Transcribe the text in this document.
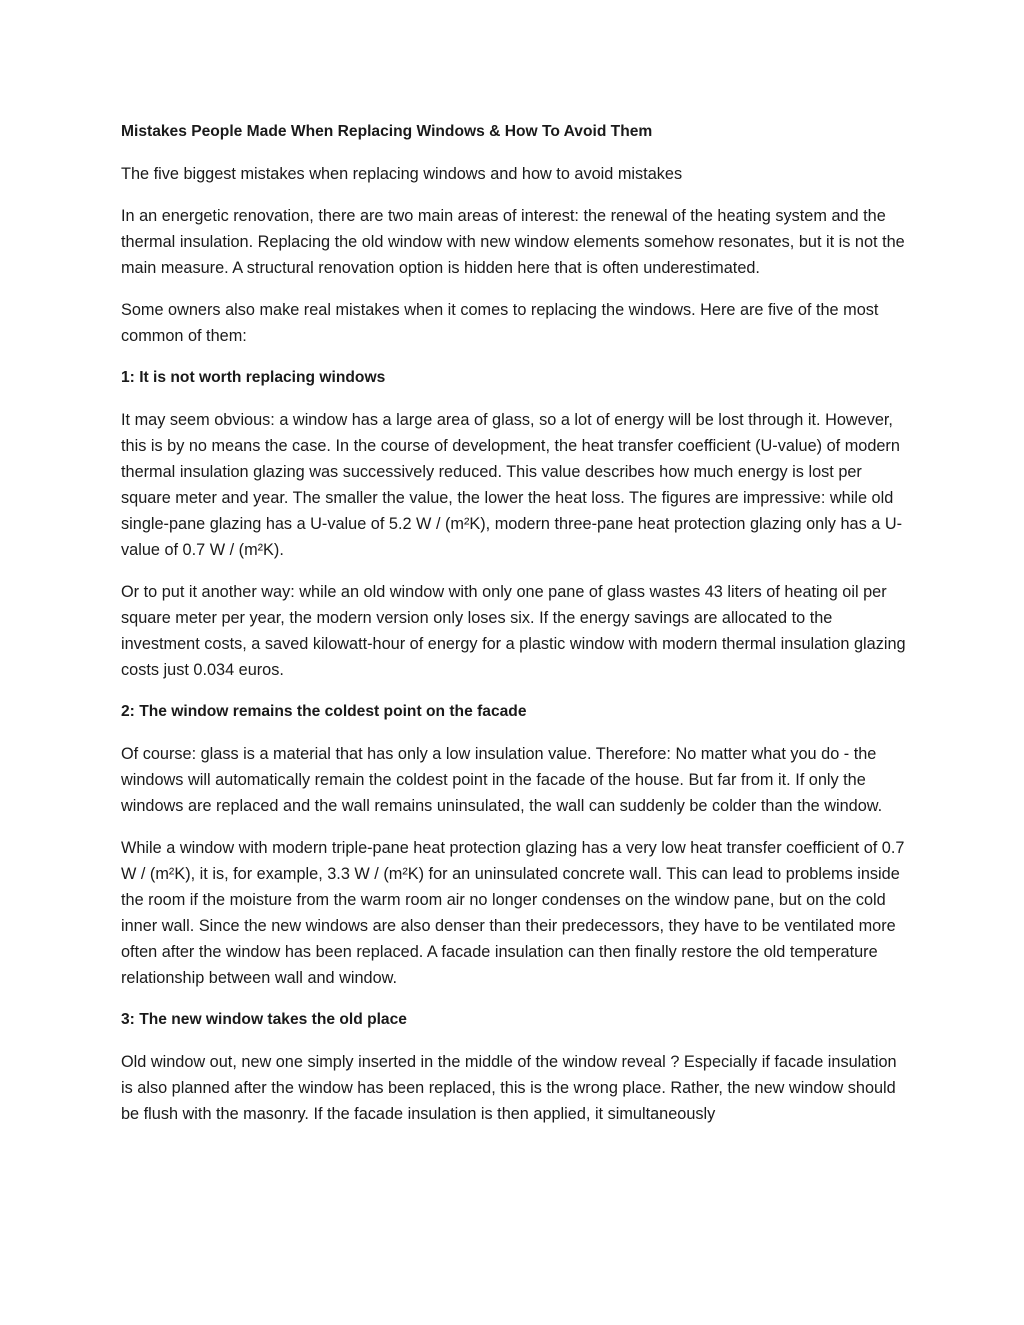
Mistakes People Made When Replacing Windows & How To Avoid Them

The five biggest mistakes when replacing windows and how to avoid mistakes

In an energetic renovation, there are two main areas of interest: the renewal of the heating system and the thermal insulation. Replacing the old window with new window elements somehow resonates, but it is not the main measure. A structural renovation option is hidden here that is often underestimated.

Some owners also make real mistakes when it comes to replacing the windows. Here are five of the most common of them:

1: It is not worth replacing windows

It may seem obvious: a window has a large area of glass, so a lot of energy will be lost through it. However, this is by no means the case. In the course of development, the heat transfer coefficient (U-value) of modern thermal insulation glazing was successively reduced. This value describes how much energy is lost per square meter and year. The smaller the value, the lower the heat loss. The figures are impressive: while old single-pane glazing has a U-value of 5.2 W / (m²K), modern three-pane heat protection glazing only has a U-value of 0.7 W / (m²K).

Or to put it another way: while an old window with only one pane of glass wastes 43 liters of heating oil per square meter per year, the modern version only loses six. If the energy savings are allocated to the investment costs, a saved kilowatt-hour of energy for a plastic window with modern thermal insulation glazing costs just 0.034 euros.

2: The window remains the coldest point on the facade

Of course: glass is a material that has only a low insulation value. Therefore: No matter what you do - the windows will automatically remain the coldest point in the facade of the house. But far from it. If only the windows are replaced and the wall remains uninsulated, the wall can suddenly be colder than the window.

While a window with modern triple-pane heat protection glazing has a very low heat transfer coefficient of 0.7 W / (m²K), it is, for example, 3.3 W / (m²K) for an uninsulated concrete wall. This can lead to problems inside the room if the moisture from the warm room air no longer condenses on the window pane, but on the cold inner wall. Since the new windows are also denser than their predecessors, they have to be ventilated more often after the window has been replaced. A facade insulation can then finally restore the old temperature relationship between wall and window.

3: The new window takes the old place

Old window out, new one simply inserted in the middle of the window reveal ? Especially if facade insulation is also planned after the window has been replaced, this is the wrong place. Rather, the new window should be flush with the masonry. If the facade insulation is then applied, it simultaneously
